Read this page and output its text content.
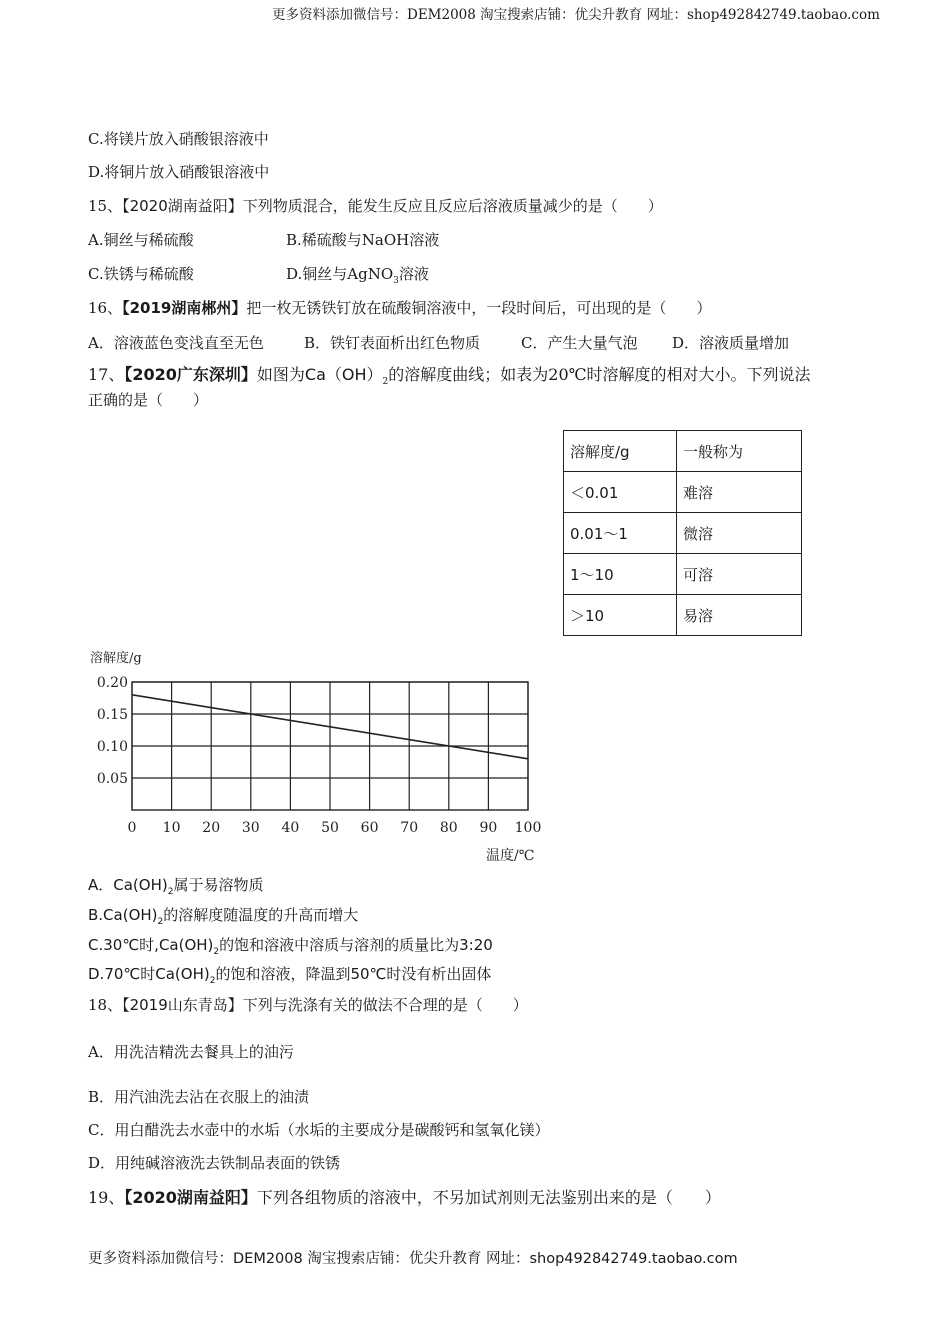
更多资料添加微信号：DEM2008 淘宝搜索店铺：优尖升教育 网址：shop492842749.taobao.com
C.将镁片放入硝酸银溶液中
D.将铜片放入硝酸银溶液中
15、【2020湖南益阳】下列物质混合，能发生反应且反应后溶液质量减少的是（　　）
A.铜丝与稀硫酸	B.稀硫酸与NaOH溶液
C.铁锈与稀硫酸	D.铜丝与AgNO$_3$溶液
16、【2019湖南郴州】把一枚无锈铁钉放在硫酸铜溶液中，一段时间后，可出现的是（　　）
A．溶液蓝色变浅直至无色	B．铁钉表面析出红色物质	C．产生大量气泡 D．溶液质量增加
17、【2020广东深圳】如图为$Ca(OH)_2$的溶解度曲线；如表为20℃时溶解度的相对大小。下列说法
正确的是（　　）
溶解度/g	一般称为
＜0.01	难溶
0.01～1	微溶
1～10	可溶
＞10	易溶
0 10 20 30 40 50 60 70 80 90 100
0.05
0.10
0.15
0.20
溶解度/g
温度/℃
A．$Ca(OH)_2$属于易溶物质
$B.Ca(OH)_2$的溶解度随温度的升高而增大
C.30℃时$,Ca(OH)_2$的饱和溶液中溶质与溶剂的质量比为3:20
D.70℃时$Ca(OH)_2$的饱和溶液，降温到50℃时没有析出固体
18、【2019山东青岛】下列与洗涤有关的做法不合理的是（　　）
A．用洗洁精洗去餐具上的油污
B．用汽油洗去沾在衣服上的油渍
C．用白醋洗去水壶中的水垢（水垢的主要成分是碳酸钙和氢氧化镁）
D．用纯碱溶液洗去铁制品表面的铁锈
19、【2020湖南益阳】下列各组物质的溶液中，不另加试剂则无法鉴别出来的是（　　）
更多资料添加微信号：DEM2008 淘宝搜索店铺：优尖升教育 网址：shop492842749.taobao.com
